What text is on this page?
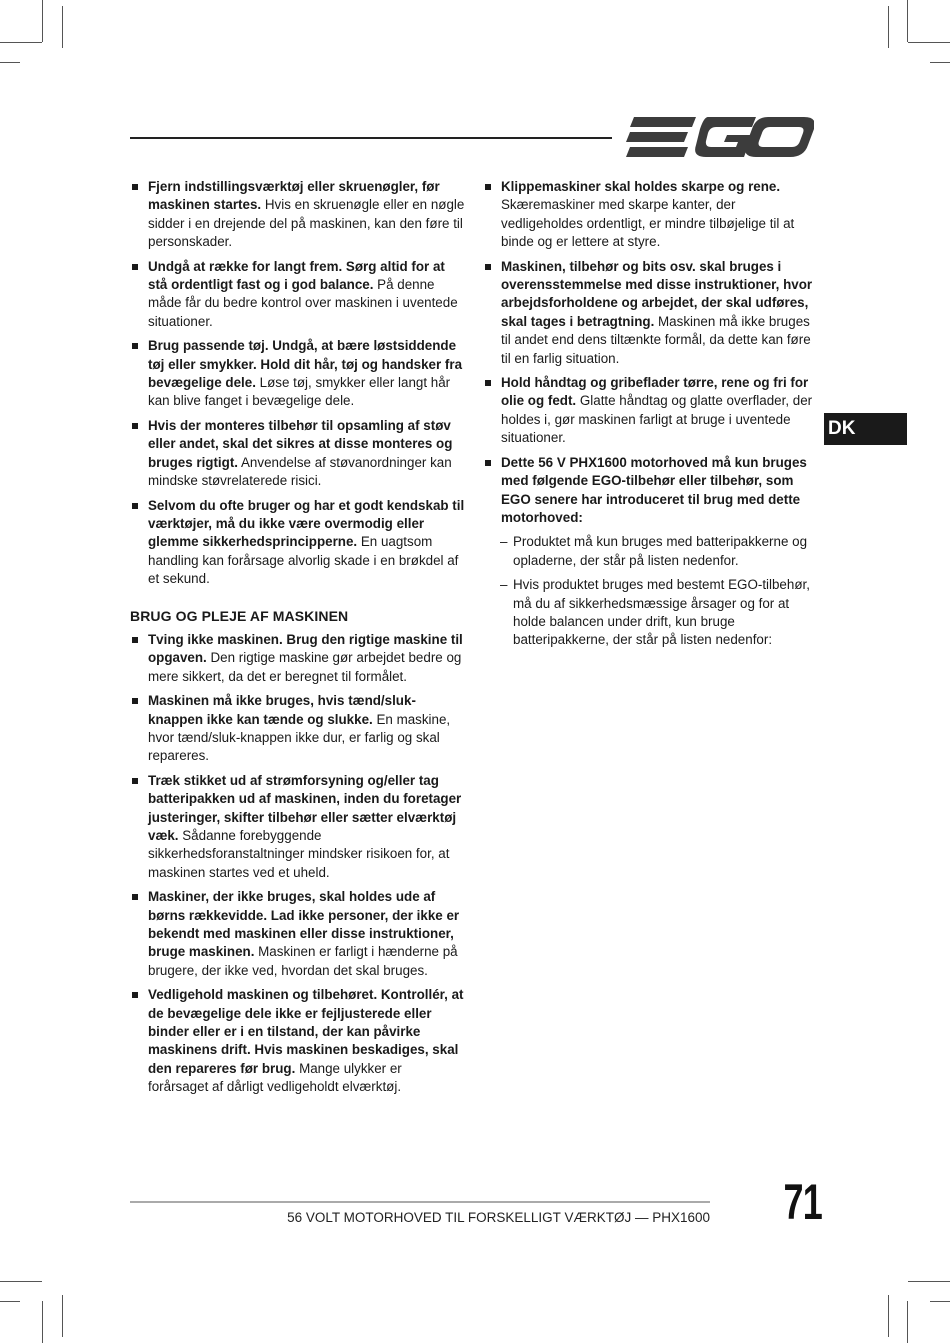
Fjern indstillingsværktøj eller skruenøgler, før maskinen startes. Hvis en skruenøgle eller en nøgle sidder i en drejende del på maskinen, kan den føre til personskader.
Undgå at række for langt frem. Sørg altid for at stå ordentligt fast og i god balance. På denne måde får du bedre kontrol over maskinen i uventede situationer.
Brug passende tøj. Undgå, at bære løstsiddende tøj eller smykker. Hold dit hår, tøj og handsker fra bevægelige dele. Løse tøj, smykker eller langt hår kan blive fanget i bevægelige dele.
Hvis der monteres tilbehør til opsamling af støv eller andet, skal det sikres at disse monteres og bruges rigtigt. Anvendelse af støvanordninger kan mindske støvrelaterede risici.
Selvom du ofte bruger og har et godt kendskab til værktøjer, må du ikke være overmodig eller glemme sikkerhedsprincipperne. En uagtsom handling kan forårsage alvorlig skade i en brøkdel af et sekund.
BRUG OG PLEJE AF MASKINEN
Tving ikke maskinen. Brug den rigtige maskine til opgaven. Den rigtige maskine gør arbejdet bedre og mere sikkert, da det er beregnet til formålet.
Maskinen må ikke bruges, hvis tænd/sluk-knappen ikke kan tænde og slukke. En maskine, hvor tænd/sluk-knappen ikke dur, er farlig og skal repareres.
Træk stikket ud af strømforsyning og/eller tag batteripakken ud af maskinen, inden du foretager justeringer, skifter tilbehør eller sætter elværktøj væk. Sådanne forebyggende sikkerhedsforanstaltninger mindsker risikoen for, at maskinen startes ved et uheld.
Maskiner, der ikke bruges, skal holdes ude af børns rækkevidde. Lad ikke personer, der ikke er bekendt med maskinen eller disse instruktioner, bruge maskinen. Maskinen er farligt i hænderne på brugere, der ikke ved, hvordan det skal bruges.
Vedligehold maskinen og tilbehøret. Kontrollér, at de bevægelige dele ikke er fejljusterede eller binder eller er i en tilstand, der kan påvirke maskinens drift. Hvis maskinen beskadiges, skal den repareres før brug. Mange ulykker er forårsaget af dårligt vedligeholdt elværktøj.
Klippemaskiner skal holdes skarpe og rene. Skæremaskiner med skarpe kanter, der vedligeholdes ordentligt, er mindre tilbøjelige til at binde og er lettere at styre.
Maskinen, tilbehør og bits osv. skal bruges i overensstemmelse med disse instruktioner, hvor arbejdsforholdene og arbejdet, der skal udføres, skal tages i betragtning. Maskinen må ikke bruges til andet end dens tiltænkte formål, da dette kan føre til en farlig situation.
Hold håndtag og gribeflader tørre, rene og fri for olie og fedt. Glatte håndtag og glatte overflader, der holdes i, gør maskinen farligt at bruge i uventede situationer.
Dette 56 V PHX1600 motorhoved må kun bruges med følgende EGO-tilbehør eller tilbehør, som EGO senere har introduceret til brug med dette motorhoved:
– Produktet må kun bruges med batteripakkerne og opladerne, der står på listen nedenfor.
– Hvis produktet bruges med bestemt EGO-tilbehør, må du af sikkerhedsmæssige årsager og for at holde balancen under drift, kun bruge batteripakkerne, der står på listen nedenfor:
DK
56 VOLT MOTORHOVED TIL FORSKELLIGT VÆRKTØJ — PHX1600 71
